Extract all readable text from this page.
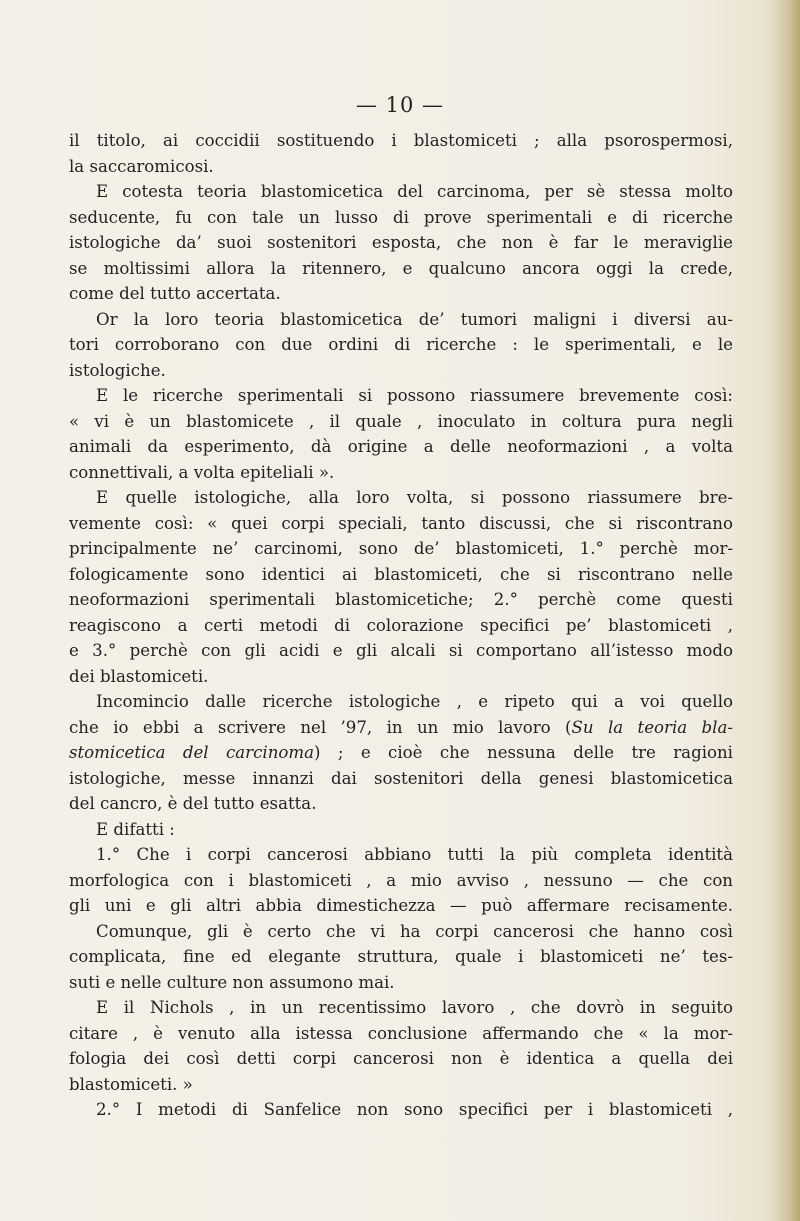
— 10 —
il titolo, ai coccidii sostituendo i blastomiceti ; alla psorospermosi,
la saccaromicosi.
E cotesta teoria blastomicetica del carcinoma, per sè stessa molto
seducente, fu con tale un lusso di prove sperimentali e di ricerche
istologiche da’ suoi sostenitori esposta, che non è far le meraviglie
se moltissimi allora la ritennero, e qualcuno ancora oggi la crede,
come del tutto accertata.
Or la loro teoria blastomicetica de’ tumori maligni i diversi au-
tori corroborano con due ordini di ricerche : le sperimentali, e le
istologiche.
E le ricerche sperimentali si possono riassumere brevemente così:
« vi è un blastomicete , il quale , inoculato in coltura pura negli
animali da esperimento, dà origine a delle neoformazioni , a volta
connettivali, a volta epiteliali ».
E quelle istologiche, alla loro volta, si possono riassumere bre-
vemente così: « quei corpi speciali, tanto discussi, che si riscontrano
principalmente ne’ carcinomi, sono de’ blastomiceti, 1.° perchè mor-
fologicamente sono identici ai blastomiceti, che si riscontrano nelle
neoformazioni sperimentali blastomicetiche; 2.° perchè come questi
reagiscono a certi metodi di colorazione specifici pe’ blastomiceti ,
e 3.° perchè con gli acidi e gli alcali si comportano all’istesso modo
dei blastomiceti.
Incomincio dalle ricerche istologiche , e ripeto qui a voi quello
che io ebbi a scrivere nel ’97, in un mio lavoro (Su la teoria bla-
stomicetica del carcinoma) ; e cioè che nessuna delle tre ragioni
istologiche, messe innanzi dai sostenitori della genesi blastomicetica
del cancro, è del tutto esatta.
E difatti :
1.° Che i corpi cancerosi abbiano tutti la più completa identità
morfologica con i blastomiceti , a mio avviso , nessuno — che con
gli uni e gli altri abbia dimestichezza — può affermare recisamente.
Comunque, gli è certo che vi ha corpi cancerosi che hanno così
complicata, fine ed elegante struttura, quale i blastomiceti ne’ tes-
suti e nelle culture non assumono mai.
E il Nichols , in un recentissimo lavoro , che dovrò in seguito
citare , è venuto alla istessa conclusione affermando che « la mor-
fologia dei così detti corpi cancerosi non è identica a quella dei
blastomiceti. »
2.° I metodi di Sanfelice non sono specifici per i blastomiceti ,
